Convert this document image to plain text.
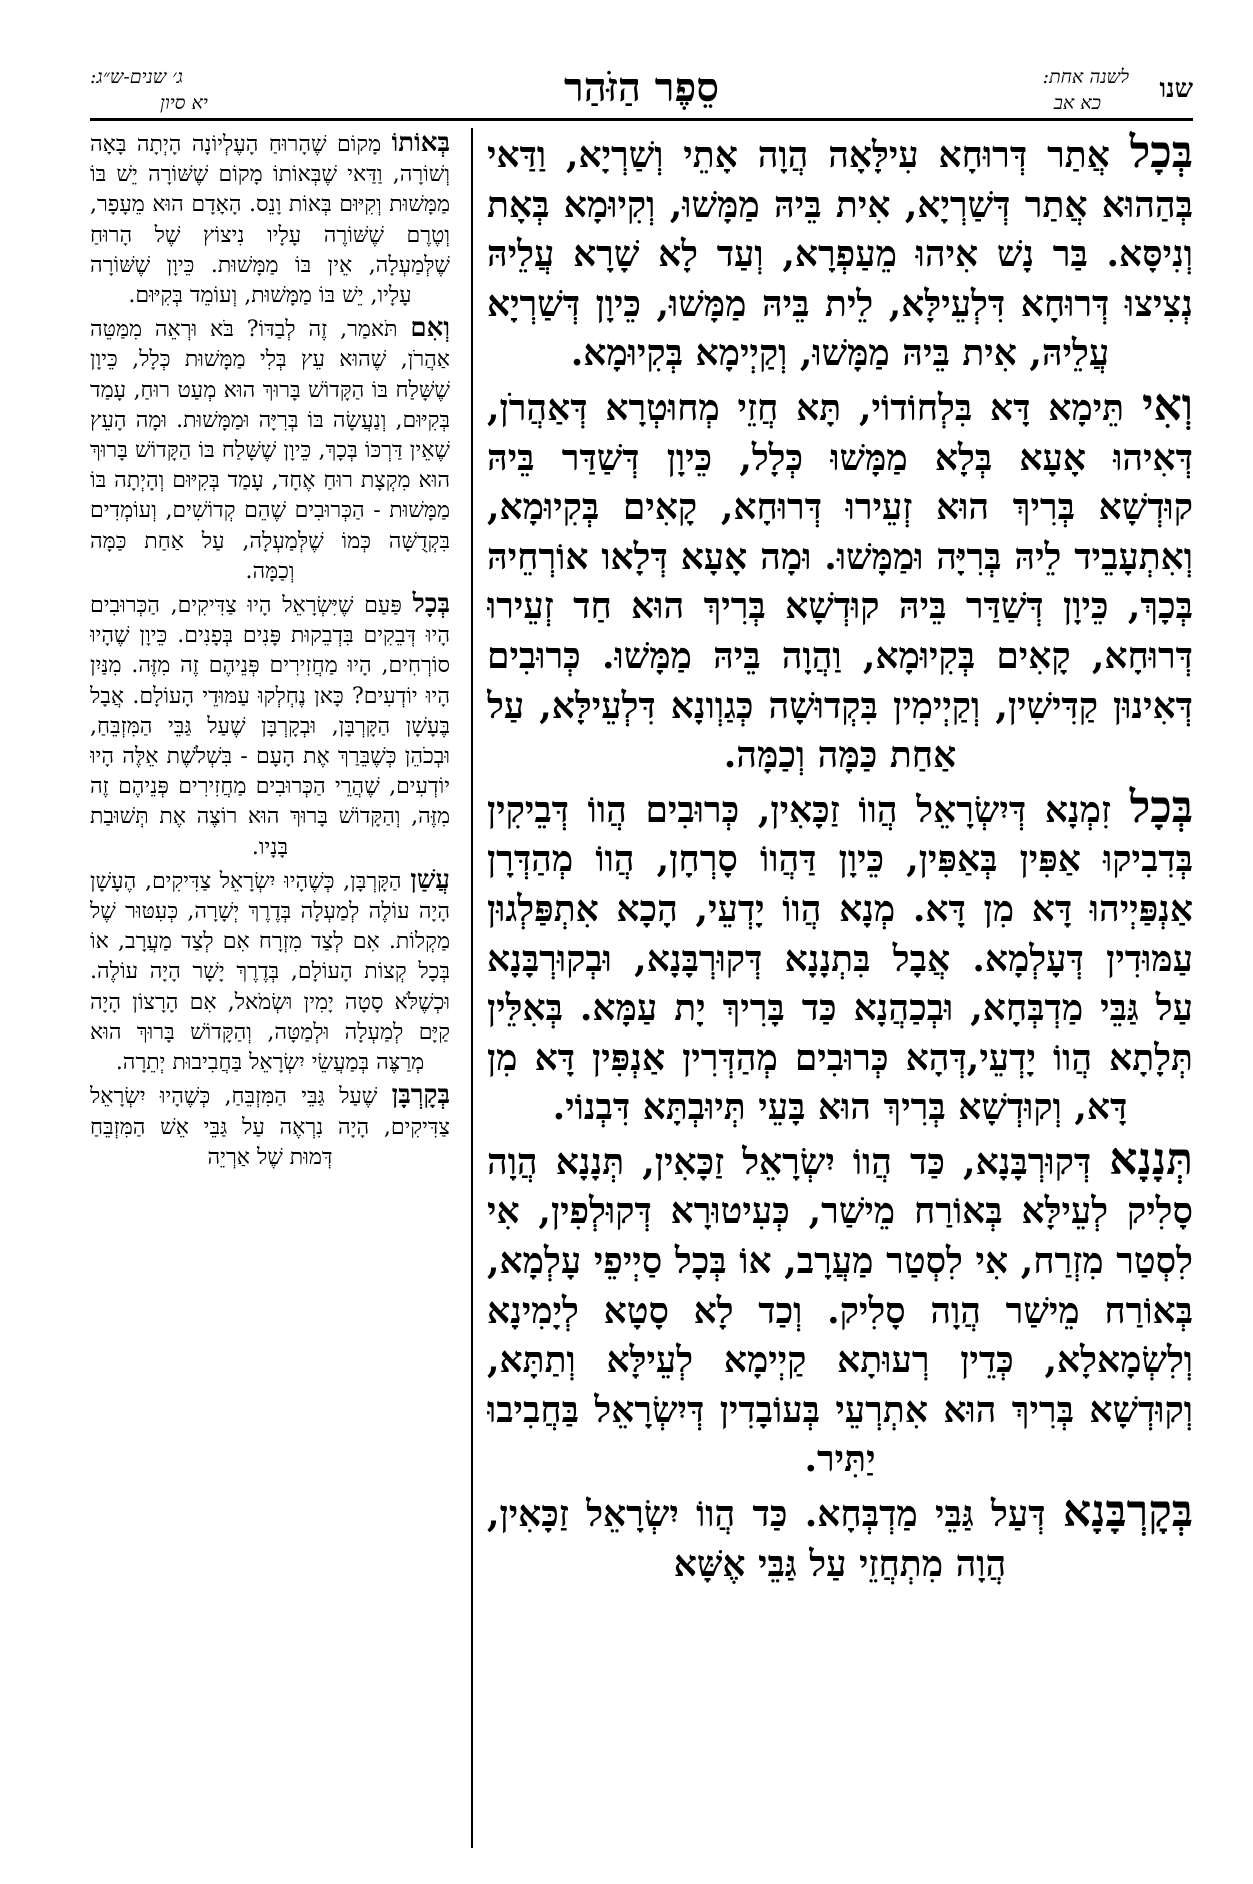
שנו
לשנה אחת:
כא אב
סֵפֶר הַזֹּהַר
ג׳ שנים-ש״ג:
יא סיון

בְּכָל אֲתַר דְּרוּחָא עִילָּאָה הֲוָה אָתֵי וְשַׁרְיָא, וַדַּאי בְּהַהוּא אֲתַר דְּשַׁרְיָא, אִית בֵּיהּ מַמָּשׁוּ, וְקִיוּמָא בְּאָת וְנִיסָּא. בַּר נָשׁ אִיהוּ מֵעַפְרָא, וְעַד לָא שָׁרָא עֲלֵיהּ נְצִיצוּ דְּרוּחָא דִּלְעֵילָּא, לֵית בֵּיהּ מַמָּשׁוּ, כֵּיוָן דְּשַׁרְיָא עֲלֵיהּ, אִית בֵּיהּ מַמָּשׁוּ, וְקַיְימָא בְּקִיוּמָא.

וְאִי תֵּימָא דָּא בִּלְחוֹדוֹי, תָּא חֲזֵי מְחוּטְרָא דְּאַהֲרֹן, דְּאִיהוּ אָעָא בְּלָא מַמָּשׁוּ כְּלָל, כֵּיוָן דְּשַׁדַּר בֵּיהּ קוּדְשָׁא בְּרִיךְ הוּא זְעֵירוּ דְּרוּחָא, קָאִים בְּקִיוּמָא, וְאִתְעָבֵיד לֵיהּ בְּרִיָּה וּמַמָּשׁוּ. וּמָה אָעָא דְּלָאו אוֹרְחֵיהּ בְּכָךְ, כֵּיוָן דְּשַׁדַּר בֵּיהּ קוּדְשָׁא בְּרִיךְ הוּא חַד זְעֵירוּ דְּרוּחָא, קָאִים בְּקִיוּמָא, וַהֲוָה בֵּיהּ מַמָּשׁוּ. כְּרוּבִים דְּאִינוּן קַדִּישִׁין, וְקַיְימִין בִּקְדוּשָׁה כְּגַוְונָא דִּלְעֵילָּא, עַל אַחַת כַּמָּה וְכַמָּה.

בְּכָל זִמְנָא דְּיִשְׂרָאֵל הֲווֹ זַכָּאִין, כְּרוּבִים הֲווֹ דְּבֵיקִין בְּדִבִיקוּ אַפִּין בְּאַפִּין, כֵּיוָן דַּהֲווֹ סָרְחָן, הֲווֹ מְהַדְּרָן אַנְפַּיְיהוּ דָּא מִן דָּא. מְנָא הֲווֹ יָדְעֵי, הָכָא אִתְפַּלְגוּן עַמּוּדִין דְּעָלְמָא. אֲבָל בִּתְנָנָא דְּקוּרְבָּנָא, וּבְקוּרְבָּנָא עַל גַּבֵּי מַדְבְּחָא, וּבְכַהֲנָא כַּד בָּרִיךְ יָת עַמָּא. בְּאִלֵּין תְּלָתָא הֲווֹ יָדְעֵי,דְּהָא כְּרוּבִים מְהַדְּרִין אַנְפִּין דָּא מִן דָּא, וְקוּדְשָׁא בְּרִיךְ הוּא בָּעֵי תְּיוּבְתָּא דִּבְנוֹי.

תְּנָנָא דְּקוּרְבָּנָא, כַּד הֲווֹ יִשְׂרָאֵל זַכָּאִין, תְּנָנָא הֲוָה סָלִיק לְעֵילָּא בְּאוֹרַח מֵישַׁר, כְּעִיטוּרָא דְּקוּלְפִין, אִי לִסְטַר מִזְרַח, אִי לִסְטַר מַעֲרָב, אוֹ בְּכָל סַיְיפֵי עָלְמָא, בְּאוֹרַח מֵישַׁר הֲוָה סָלִיק. וְכַד לָא סָטָא לְיָמִינָא וְלִשְׂמָאלָא, כְּדֵין רְעוּתָא קַיְימָא לְעֵילָּא וְתַתָּא, וְקוּדְשָׁא בְּרִיךְ הוּא אִתְרְעֵי בְּעוֹבָדִין דְּיִשְׂרָאֵל בַּחֲבִיבוּ יַתִּיר.

בְּקָרְבָּנָא דְּעַל גַּבֵּי מַדְבְּחָא. כַּד הֲווֹ יִשְׂרָאֵל זַכָּאִין, הֲוָה מִתְחֲזֵי עַל גַּבֵּי אֶשָּׁא

בְּאוֹתוֹ מָקוֹם שֶׁהָרוּחַ הָעֶלְיוֹנָה הָיְתָה בָּאָה וְשׁוֹרָה, וַדַּאי שֶׁבְּאוֹתוֹ מָקוֹם שֶׁשּׁוֹרָה יֵשׁ בּוֹ מַמָּשׁוּת וְקִיּוּם בְּאוֹת וָנֵס. הָאָדָם הוּא מֵעָפָר, וְטֶרֶם שֶׁשּׁוֹרֶה עָלָיו נִיצוֹץ שֶׁל הָרוּחַ שֶׁלְּמַעְלָה, אֵין בּוֹ מַמָּשׁוּת. כֵּיוָן שֶׁשּׁוֹרָה עָלָיו, יֵשׁ בּוֹ מַמָּשׁוּת, וְעוֹמֵד בְּקִיּוּם.

וְאִם תֹּאמַר, זֶה לְבַדּוֹ? בֹּא וּרְאֵה מִמַּטֵּה אַהֲרֹן, שֶׁהוּא עֵץ בְּלִי מַמָּשׁוּת כְּלָל, כֵּיוָן שֶׁשָּׁלַח בּוֹ הַקָּדוֹשׁ בָּרוּךְ הוּא מְעַט רוּחַ, עָמַד בְּקִיּוּם, וְנַעֲשָׂה בּוֹ בְּרִיָּה וּמַמָּשׁוּת. וּמָה הָעֵץ שֶׁאֵין דַּרְכּוֹ בְּכָךְ, כֵּיוָן שֶׁשָּׁלַח בּוֹ הַקָּדוֹשׁ בָּרוּךְ הוּא מִקְצָת רוּחַ אֶחָד, עָמַד בְּקִיּוּם וְהָיְתָה בּוֹ מַמָּשׁוּת - הַכְּרוּבִים שֶׁהֵם קְדוֹשִׁים, וְעוֹמְדִים בִּקְדֻשָּׁה כְּמוֹ שֶׁלְּמַעְלָה, עַל אַחַת כַּמָּה וְכַמָּה.

בְּכָל פַּעַם שֶׁיִּשְׂרָאֵל הָיוּ צַדִּיקִים, הַכְּרוּבִים הָיוּ דְּבֵקִים בִּדְבֵקוּת פָּנִים בְּפָנִים. כֵּיוָן שֶׁהָיוּ סוֹרְחִים, הָיוּ מַחֲזִירִים פְּנֵיהֶם זֶה מִזֶּה. מִנַּיִן הָיוּ יוֹדְעִים? כָּאן נֶחְלְקוּ עַמּוּדֵי הָעוֹלָם. אֲבָל בֶּעָשָׁן הַקָּרְבָּן, וּבְקָרְבָּן שֶׁעַל גַּבֵּי הַמִּזְבֵּחַ, וּבְכֹהֵן כְּשֶׁבֵּרַךְ אֶת הָעָם - בִּשְׁלֹשֶׁת אֵלֶּה הָיוּ יוֹדְעִים, שֶׁהֲרֵי הַכְּרוּבִים מַחֲזִירִים פְּנֵיהֶם זֶה מִזֶּה, וְהַקָּדוֹשׁ בָּרוּךְ הוּא רוֹצֶה אֶת תְּשׁוּבַת בָּנָיו.

עֲשַׁן הַקָּרְבָּן, כְּשֶׁהָיוּ יִשְׂרָאֵל צַדִּיקִים, הֶעָשָׁן הָיָה עוֹלֶה לְמַעְלָה בְּדֶרֶךְ יְשָׁרָה, כְּעִטּוּר שֶׁל מַקְלוֹת. אִם לְצַד מִזְרָח אִם לְצַד מַעֲרָב, אוֹ בְּכָל קְצוֹת הָעוֹלָם, בְּדֶרֶךְ יָשָׁר הָיָה עוֹלֶה. וּכְשֶׁלֹּא סָטָה יָמִין וּשְׂמֹאל, אִם הָרָצוֹן הָיָה קַיָּם לְמַעְלָה וּלְמַטָּה, וְהַקָּדוֹשׁ בָּרוּךְ הוּא מְרַצֶּה בְּמַעֲשֵׂי יִשְׂרָאֵל בַּחֲבִיבוּת יְתֵרָה.

בְּקָרְבָּן שֶׁעַל גַּבֵּי הַמִּזְבֵּחַ, כְּשֶׁהָיוּ יִשְׂרָאֵל צַדִּיקִים, הָיָה נִרְאֶה עַל גַּבֵּי אֵשׁ הַמִּזְבֵּחַ דְּמוּת שֶׁל אַרְיֵה
